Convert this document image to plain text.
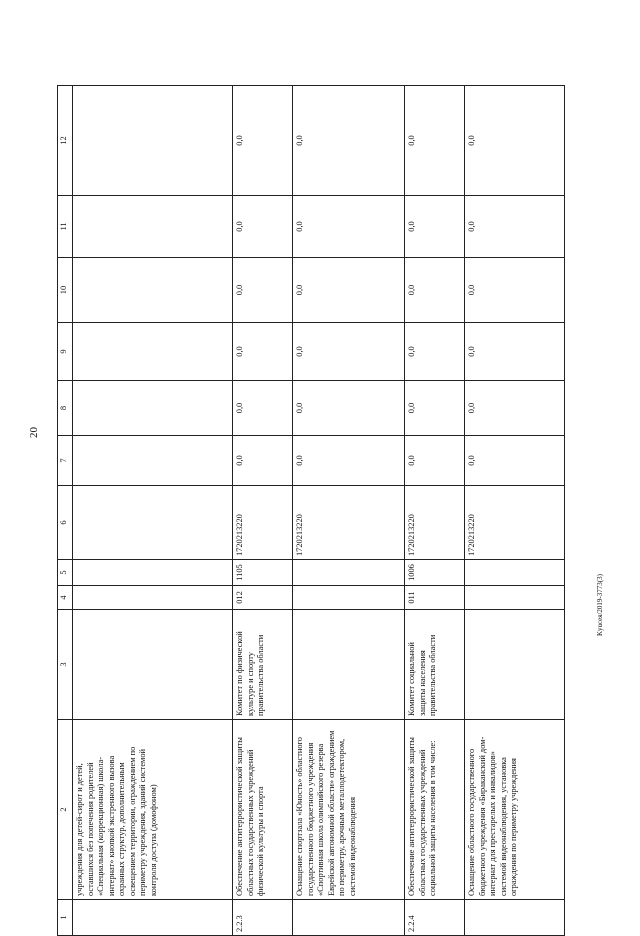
20
Kyuceя/2019-3773(3)
1	2	3	4	5	6	7	8	9	10	11	12
	учреждения для детей-сирот и детей, оставшихся без попечения родителей «Специальная (коррекционная) школа-интернат» кнопкой экстренного вызова охранных структур, дополнительным освещением территории, ограждением по периметру учреждения, зданий системой контроля доступа (домофоном)										
2.2.3	Обеспечение антитеррористической защиты областных государственных учреждений физической культуры и спорта	Комитет по физической культуре и спорту правительства области	012	1105	1720213220	0,0	0,0	0,0	0,0	0,0	0,0
	Оснащение спортзала «Юность» областного государственного бюджетного учреждения «Спортивная школа олимпийского резерва Еврейской автономной области» ограждением по периметру, арочным металлодетектором, системой видеонаблюдения				1720213220	0,0	0,0	0,0	0,0	0,0	0,0
2.2.4	Обеспечение антитеррористической защиты областных государственных учреждений социальной защиты населения в том числе:	Комитет социальной защиты населения правительства области	011	1006	1720213220	0,0	0,0	0,0	0,0	0,0	0,0
	Оснащение областного государственного бюджетного учреждения «Бираканский дом-интернат для престарелых и инвалидов» системой видеонаблюдения, установка ограждения по периметру учреждения				1720213220	0,0	0,0	0,0	0,0	0,0	0,0
